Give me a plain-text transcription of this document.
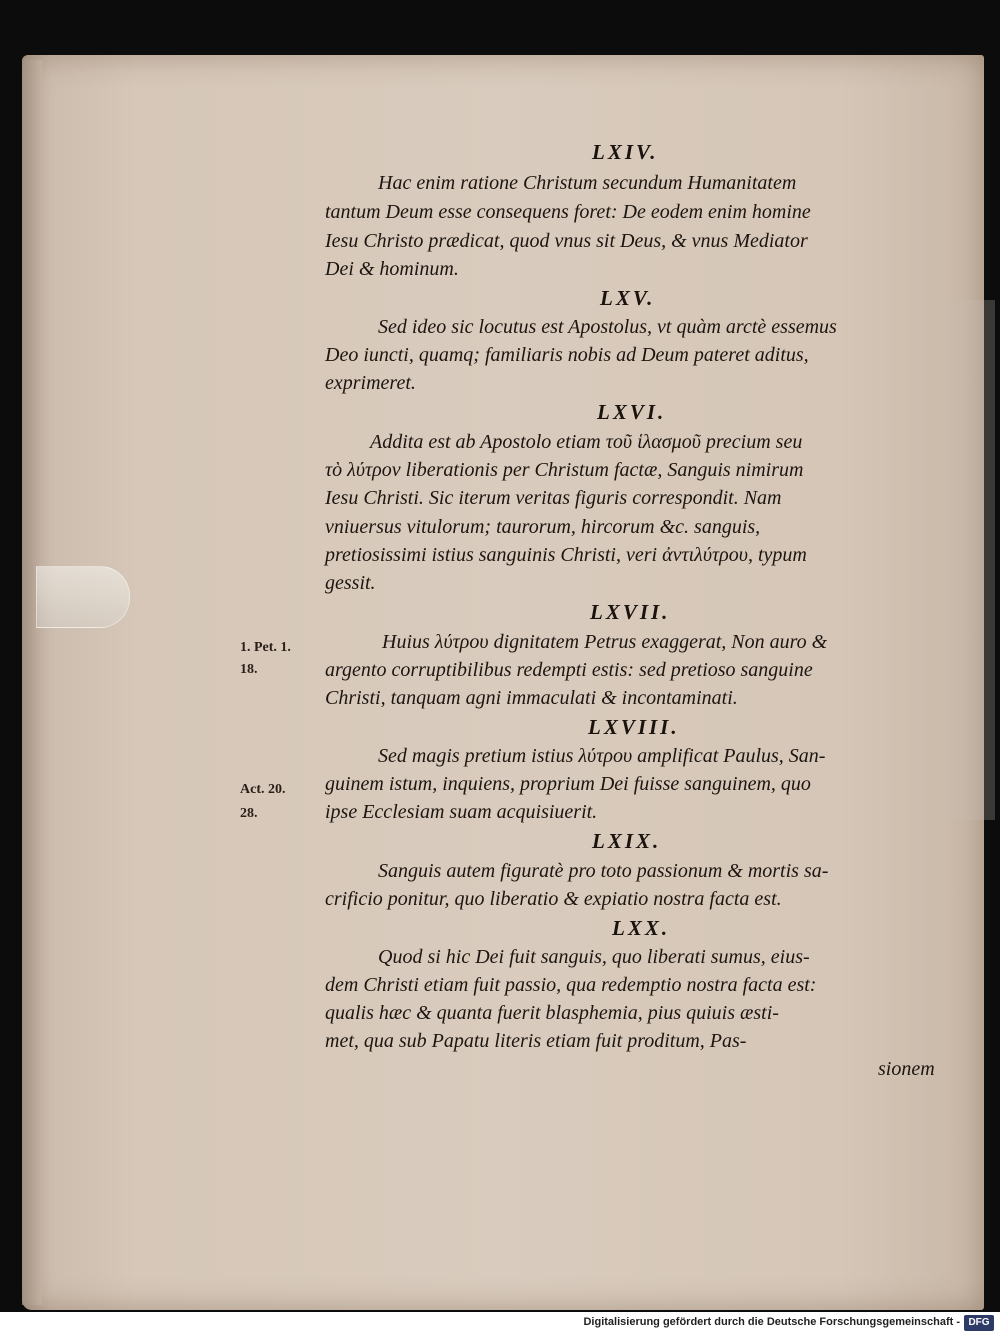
LXIV.
Hac enim ratione Christum secundum Humanitatem
tantum Deum esse consequens foret: De eodem enim homine
Iesu Christo prædicat, quod vnus sit Deus, & vnus Mediator
Dei & hominum.
LXV.
Sed ideo sic locutus est Apostolus, vt quàm arctè essemus
Deo iuncti, quamq; familiaris nobis ad Deum pateret aditus,
exprimeret.
LXVI.
Addita est ab Apostolo etiam τοῦ ἱλασμοῦ precium seu
τὸ λύτρον liberationis per Christum factæ, Sanguis nimirum
Iesu Christi. Sic iterum veritas figuris correspondit. Nam
vniuersus vitulorum; taurorum, hircorum &c. sanguis,
pretiosissimi istius sanguinis Christi, veri ἀντιλύτρου, typum
gessit.
LXVII.
Huius λύτρου dignitatem Petrus exaggerat, Non auro &
argento corruptibilibus redempti estis: sed pretioso sanguine
Christi, tanquam agni immaculati & incontaminati.
LXVIII.
Sed magis pretium istius λύτρου amplificat Paulus, San-
guinem istum, inquiens, proprium Dei fuisse sanguinem, quo
ipse Ecclesiam suam acquisiuerit.
LXIX.
Sanguis autem figuratè pro toto passionum & mortis sa-
crificio ponitur, quo liberatio & expiatio nostra facta est.
LXX.
Quod si hic Dei fuit sanguis, quo liberati sumus, eius-
dem Christi etiam fuit passio, qua redemptio nostra facta est:
qualis hæc & quanta fuerit blasphemia, pius quiuis æsti-
met, qua sub Papatu literis etiam fuit proditum, Pas-
sionem
1. Pet. 1.
18.
Act. 20.
28.
Digitalisierung gefördert durch die Deutsche Forschungsgemeinschaft - DFG
